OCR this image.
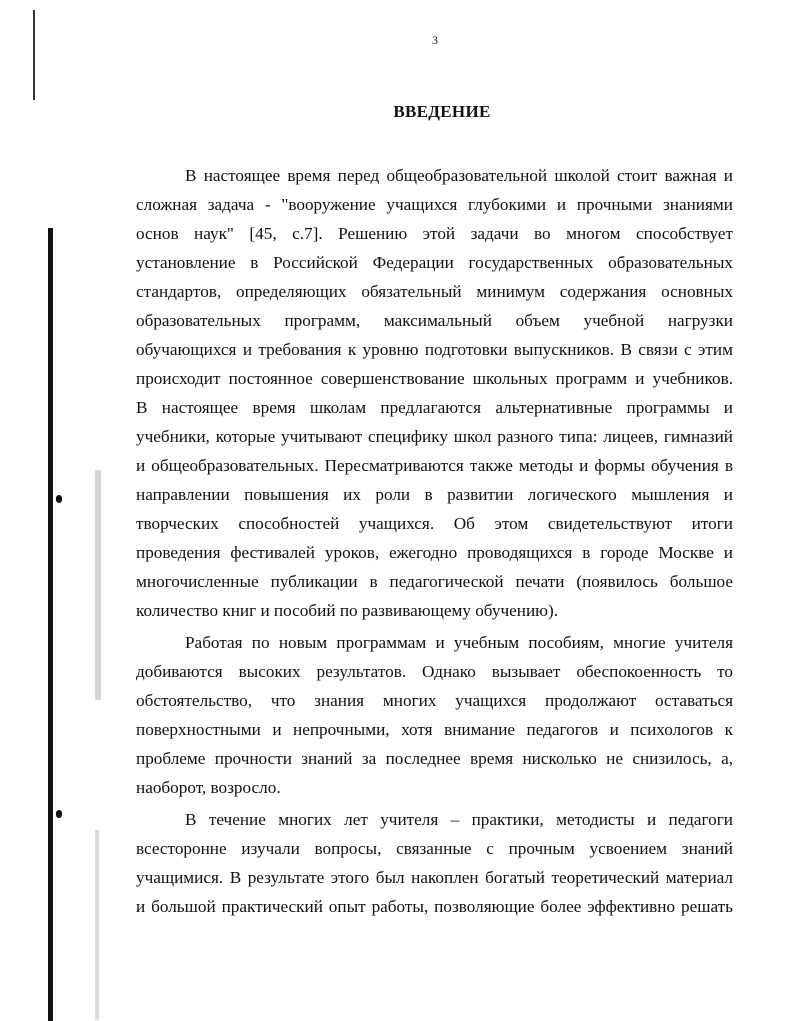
3
ВВЕДЕНИЕ
В настоящее время перед общеобразовательной школой стоит важная и
сложная задача - "вооружение учащихся глубокими и прочными знаниями
основ наук" [45, с.7]. Решению этой задачи во многом способствует
установление в Российской Федерации государственных образовательных
стандартов, определяющих обязательный минимум содержания основных
образовательных программ, максимальный объем учебной нагрузки
обучающихся и требования к уровню подготовки выпускников. В связи с этим
происходит постоянное совершенствование школьных программ и учебников.
В настоящее время школам предлагаются альтернативные программы и
учебники, которые учитывают специфику школ разного типа: лицеев, гимназий
и общеобразовательных. Пересматриваются также методы и формы обучения в
направлении повышения их роли в развитии логического мышления и
творческих способностей учащихся. Об этом свидетельствуют итоги
проведения фестивалей уроков, ежегодно проводящихся в городе Москве и
многочисленные публикации в педагогической печати (появилось большое
количество книг и пособий по развивающему обучению).
Работая по новым программам и учебным пособиям, многие учителя
добиваются высоких результатов. Однако вызывает обеспокоенность то
обстоятельство, что знания многих учащихся продолжают оставаться
поверхностными и непрочными, хотя внимание педагогов и психологов к
проблеме прочности знаний за последнее время нисколько не снизилось, а,
наоборот, возросло.
В течение многих лет учителя – практики, методисты и педагоги
всесторонне изучали вопросы, связанные с прочным усвоением знаний
учащимися. В результате этого был накоплен богатый теоретический материал
и большой практический опыт работы, позволяющие более эффективно решать
